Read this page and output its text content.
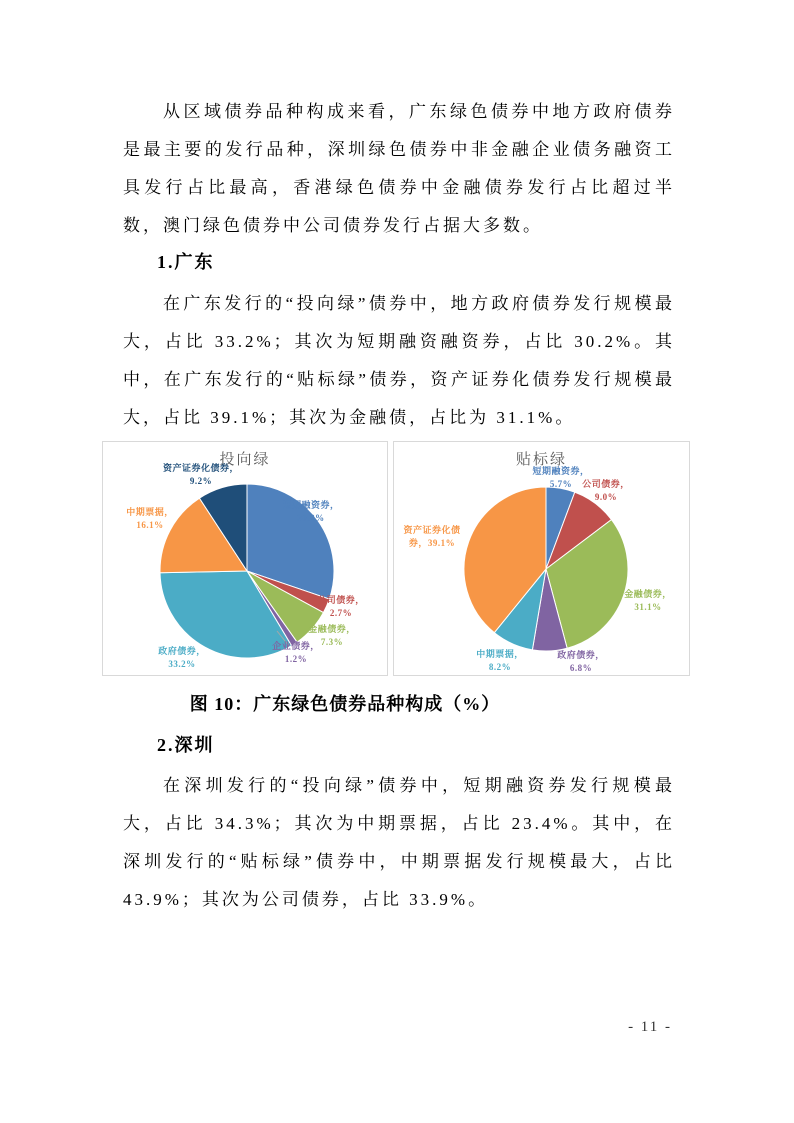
从区域债券品种构成来看，广东绿色债券中地方政府债券是最主要的发行品种，深圳绿色债券中非金融企业债务融资工具发行占比最高，香港绿色债券中金融债券发行占比超过半数，澳门绿色债券中公司债券发行占据大多数。

1.广东

在广东发行的“投向绿”债券中，地方政府债券发行规模最大，占比 33.2%；其次为短期融资融资券，占比 30.2%。其中，在广东发行的“贴标绿”债券，资产证券化债券发行规模最大，占比 39.1%；其次为金融债，占比为 31.1%。

投向绿
短期融资券，
30.2%
公司债券，
2.7%
金融债券，
7.3%
企业债券，
1.2%
政府债券，
33.2%
中期票据，
16.1%
资产证券化债券，
9.2%
贴标绿
短期融资券，
5.7%	公司债券，
9.0%
金融债券，
31.1%
政府债券，
6.8%
中期票据，
8.2%
资产证券化债
券，39.1%
图 10：广东绿色债券品种构成（%）
2.深圳

在深圳发行的“投向绿”债券中，短期融资券发行规模最大，占比 34.3%；其次为中期票据，占比 23.4%。其中，在深圳发行的“贴标绿”债券中，中期票据发行规模最大，占比 43.9%；其次为公司债券，占比 33.9%。

- 11 -
